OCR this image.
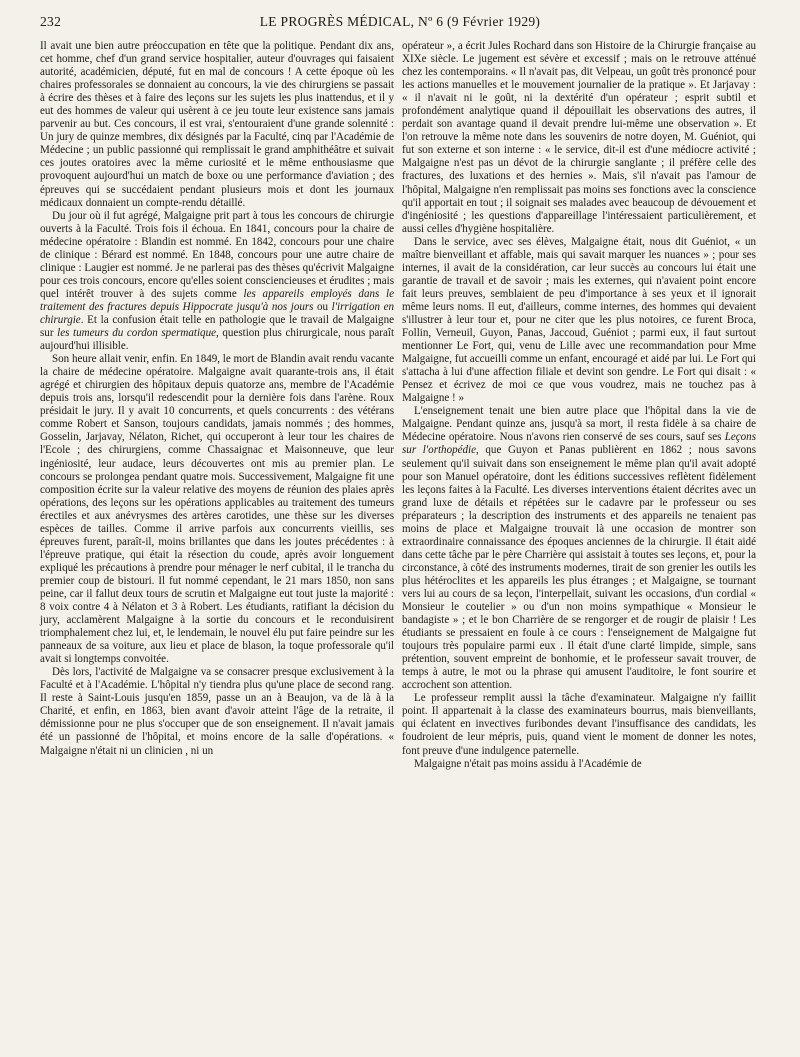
232	LE PROGRÈS MÉDICAL, Nº 6 (9 Février 1929)

Il avait une bien autre préoccupation en tête que la politique. Pendant dix ans, cet homme, chef d'un grand service hospitalier, auteur d'ouvrages qui faisaient autorité, académicien, député, fut en mal de concours ! A cette époque où les chaires professorales se donnaient au concours, la vie des chirurgiens se passait à écrire des thèses et à faire des leçons sur les sujets les plus inattendus, et il y eut des hommes de valeur qui usèrent à ce jeu toute leur existence sans jamais parvenir au but. Ces concours, il est vrai, s'entouraient d'une grande solennité : Un jury de quinze membres, dix désignés par la Faculté, cinq par l'Académie de Médecine ; un public passionné qui remplissait le grand amphithéâtre et suivait ces joutes oratoires avec la même curiosité et le même enthousiasme que provoquent aujourd'hui un match de boxe ou une performance d'aviation ; des épreuves qui se succédaient pendant plusieurs mois et dont les journaux médicaux donnaient un compte-rendu détaillé.

Du jour où il fut agrégé, Malgaigne prit part à tous les concours de chirurgie ouverts à la Faculté. Trois fois il échoua. En 1841, concours pour la chaire de médecine opératoire : Blandin est nommé. En 1842, concours pour une chaire de clinique : Bérard est nommé. En 1848, concours pour une autre chaire de clinique : Laugier est nommé. Je ne parlerai pas des thèses qu'écrivit Malgaigne pour ces trois concours, encore qu'elles soient consciencieuses et érudites ; mais quel intérêt trouver à des sujets comme les appareils employés dans le traitement des fractures depuis Hippocrate jusqu'à nos jours ou l'irrigation en chirurgie. Et la confusion était telle en pathologie que le travail de Malgaigne sur les tumeurs du cordon spermatique, question plus chirurgicale, nous paraît aujourd'hui illisible.

Son heure allait venir, enfin. En 1849, le mort de Blandin avait rendu vacante la chaire de médecine opératoire. Malgaigne avait quarante-trois ans, il était agrégé et chirurgien des hôpitaux depuis quatorze ans, membre de l'Académie depuis trois ans, lorsqu'il redescendit pour la dernière fois dans l'arène. Roux présidait le jury. Il y avait 10 concurrents, et quels concurrents : des vétérans comme Robert et Sanson, toujours candidats, jamais nommés ; des hommes, Gosselin, Jarjavay, Nélaton, Richet, qui occuperont à leur tour les chaires de l'Ecole ; des chirurgiens, comme Chassaignac et Maisonneuve, que leur ingéniosité, leur audace, leurs découvertes ont mis au premier plan. Le concours se prolongea pendant quatre mois. Successivement, Malgaigne fit une composition écrite sur la valeur relative des moyens de réunion des plaies après opérations, des leçons sur les opérations applicables au traitement des tumeurs érectiles et aux anévrysmes des artères carotides, une thèse sur les diverses espèces de tailles. Comme il arrive parfois aux concurrents vieillis, ses épreuves furent, paraît-il, moins brillantes que dans les joutes précédentes : à l'épreuve pratique, qui était la résection du coude, après avoir longuement expliqué les précautions à prendre pour ménager le nerf cubital, il le trancha du premier coup de bistouri. Il fut nommé cependant, le 21 mars 1850, non sans peine, car il fallut deux tours de scrutin et Malgaigne eut tout juste la majorité : 8 voix contre 4 à Nélaton et 3 à Robert. Les étudiants, ratifiant la décision du jury, acclamèrent Malgaigne à la sortie du concours et le reconduisirent triomphalement chez lui, et, le lendemain, le nouvel élu put faire peindre sur les panneaux de sa voiture, aux lieu et place de blason, la toque professorale qu'il avait si longtemps convoitée.

Dès lors, l'activité de Malgaigne va se consacrer presque exclusivement à la Faculté et à l'Académie. L'hôpital n'y tiendra plus qu'une place de second rang. Il reste à Saint-Louis jusqu'en 1859, passe un an à Beaujon, va de là à la Charité, et enfin, en 1863, bien avant d'avoir atteint l'âge de la retraite, il démissionne pour ne plus s'occuper que de son enseignement. Il n'avait jamais été un passionné de l'hôpital, et moins encore de la salle d'opérations. « Malgaigne n'était ni un clinicien , ni un

opérateur », a écrit Jules Rochard dans son Histoire de la Chirurgie française au XIXe siècle. Le jugement est sévère et excessif ; mais on le retrouve atténué chez les contemporains. « Il n'avait pas, dit Velpeau, un goût très prononcé pour les actions manuelles et le mouvement journalier de la pratique ». Et Jarjavay : « il n'avait ni le goût, ni la dextérité d'un opérateur ; esprit subtil et profondément analytique quand il dépouillait les observations des autres, il perdait son avantage quand il devait prendre lui-même une observation ». Et l'on retrouve la même note dans les souvenirs de notre doyen, M. Guéniot, qui fut son externe et son interne : « le service, dit-il est d'une médiocre activité ; Malgaigne n'est pas un dévot de la chirurgie sanglante ; il préfère celle des fractures, des luxations et des hernies ». Mais, s'il n'avait pas l'amour de l'hôpital, Malgaigne n'en remplissait pas moins ses fonctions avec la conscience qu'il apportait en tout ; il soignait ses malades avec beaucoup de dévouement et d'ingéniosité ; les questions d'appareillage l'intéressaient particulièrement, et aussi celles d'hygiène hospitalière.

Dans le service, avec ses élèves, Malgaigne était, nous dit Guéniot, « un maître bienveillant et affable, mais qui savait marquer les nuances » ; pour ses internes, il avait de la considération, car leur succès au concours lui était une garantie de travail et de savoir ; mais les externes, qui n'avaient point encore fait leurs preuves, semblaient de peu d'importance à ses yeux et il ignorait même leurs noms. Il eut, d'ailleurs, comme internes, des hommes qui devaient s'illustrer à leur tour et, pour ne citer que les plus notoires, ce furent Broca, Follin, Verneuil, Guyon, Panas, Jaccoud, Guéniot ; parmi eux, il faut surtout mentionner Le Fort, qui, venu de Lille avec une recommandation pour Mme Malgaigne, fut accueilli comme un enfant, encouragé et aidé par lui. Le Fort qui s'attacha à lui d'une affection filiale et devint son gendre. Le Fort qui disait : « Pensez et écrivez de moi ce que vous voudrez, mais ne touchez pas à Malgaigne ! »

L'enseignement tenait une bien autre place que l'hôpital dans la vie de Malgaigne. Pendant quinze ans, jusqu'à sa mort, il resta fidèle à sa chaire de Médecine opératoire. Nous n'avons rien conservé de ses cours, sauf ses Leçons sur l'orthopédie, que Guyon et Panas publièrent en 1862 ; nous savons seulement qu'il suivait dans son enseignement le même plan qu'il avait adopté pour son Manuel opératoire, dont les éditions successives reflètent fidèlement les leçons faites à la Faculté. Les diverses interventions étaient décrites avec un grand luxe de détails et répétées sur le cadavre par le professeur ou ses préparateurs ; la description des instruments et des appareils ne tenaient pas moins de place et Malgaigne trouvait là une occasion de montrer son extraordinaire connaissance des époques anciennes de la chirurgie. Il était aidé dans cette tâche par le père Charrière qui assistait à toutes ses leçons, et, pour la circonstance, à côté des instruments modernes, tirait de son grenier les outils les plus hétéroclites et les appareils les plus étranges ; et Malgaigne, se tournant vers lui au cours de sa leçon, l'interpellait, suivant les occasions, d'un cordial « Monsieur le coutelier » ou d'un non moins sympathique « Monsieur le bandagiste » ; et le bon Charrière de se rengorger et de rougir de plaisir ! Les étudiants se pressaient en foule à ce cours : l'enseignement de Malgaigne fut toujours très populaire parmi eux . Il était d'une clarté limpide, simple, sans prétention, souvent empreint de bonhomie, et le professeur savait trouver, de temps à autre, le mot ou la phrase qui amusent l'auditoire, le font sourire et accrochent son attention.

Le professeur remplit aussi la tâche d'examinateur. Malgaigne n'y faillit point. Il appartenait à la classe des examinateurs bourrus, mais bienveillants, qui éclatent en invectives furibondes devant l'insuffisance des candidats, les foudroient de leur mépris, puis, quand vient le moment de donner les notes, font preuve d'une indulgence paternelle.

Malgaigne n'était pas moins assidu à l'Académie de
